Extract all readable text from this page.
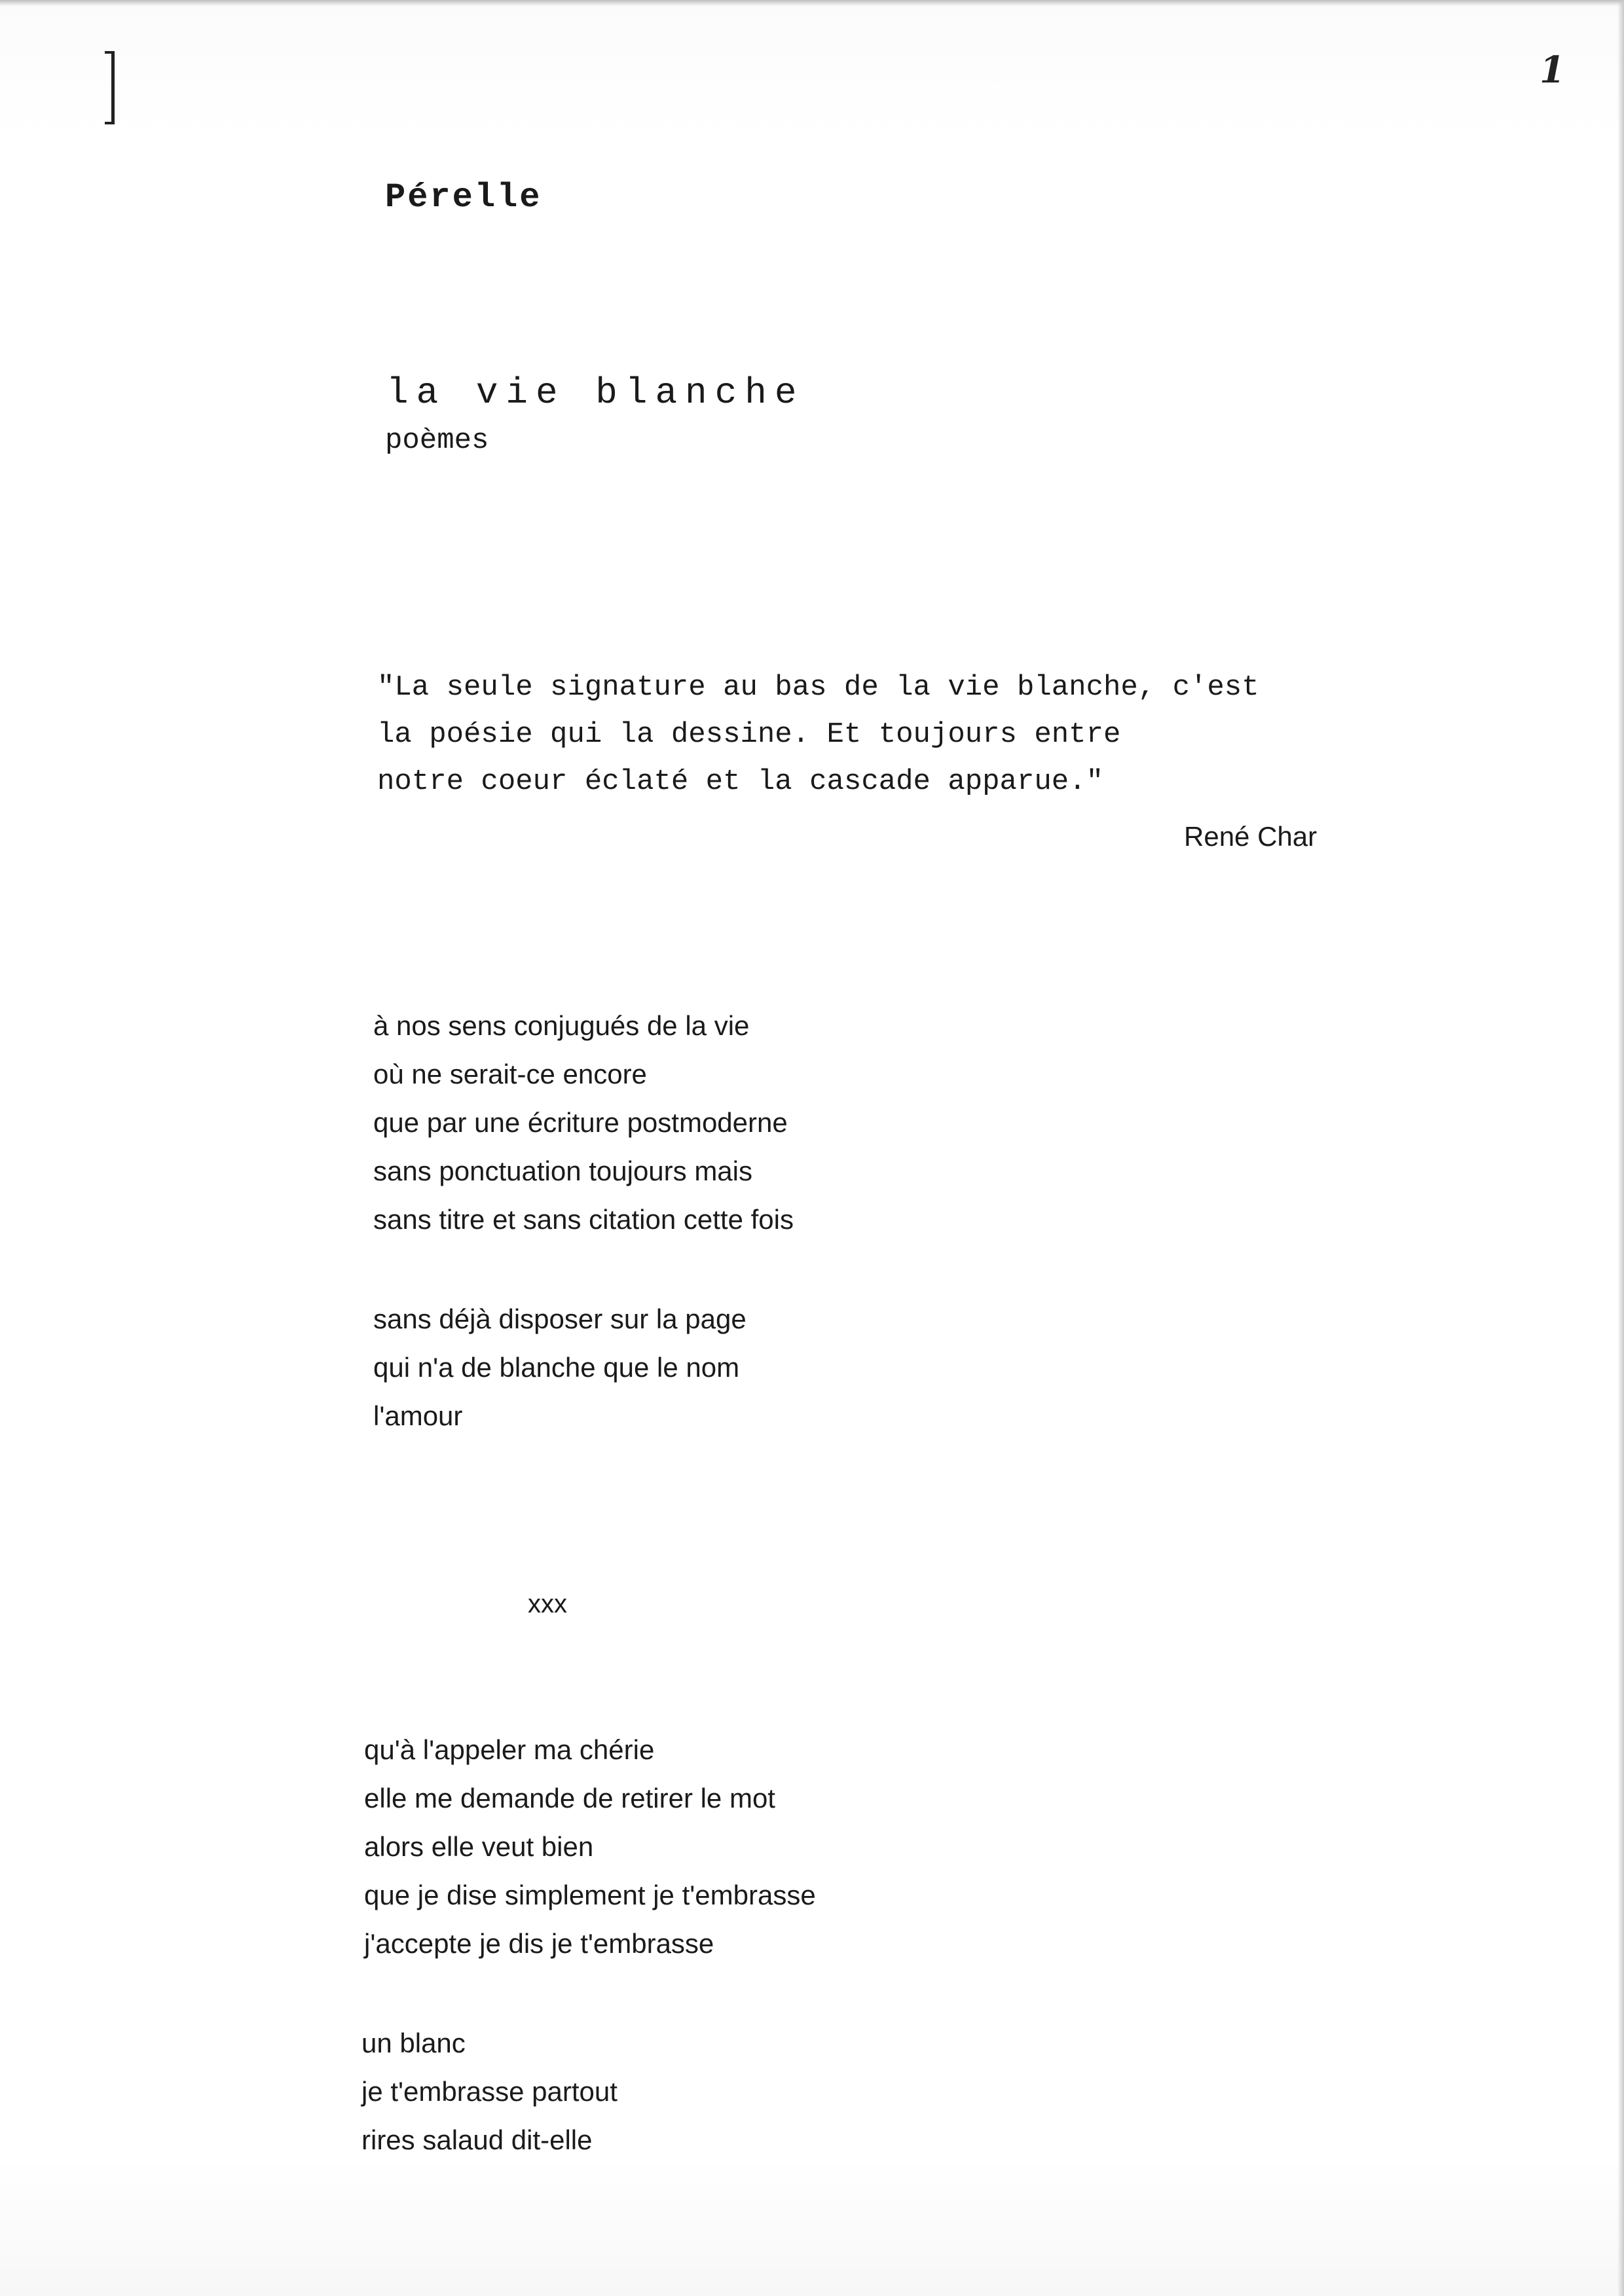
1
Pérelle
la vie blanche
poèmes
"La seule signature au bas de la vie blanche, c'est
la poésie qui la dessine. Et toujours entre
notre coeur éclaté et la cascade apparue."
René Char
à nos sens conjugués de la vie
où ne serait-ce encore
que par une écriture postmoderne
sans ponctuation toujours mais
sans titre et sans citation cette fois
sans déjà disposer sur la page
qui n'a de blanche que le nom
l'amour
xxx
qu'à l'appeler ma chérie
elle me demande de retirer le mot
alors elle veut bien
que je dise simplement je t'embrasse
j'accepte je dis je t'embrasse
un blanc
je t'embrasse partout
rires salaud dit-elle
